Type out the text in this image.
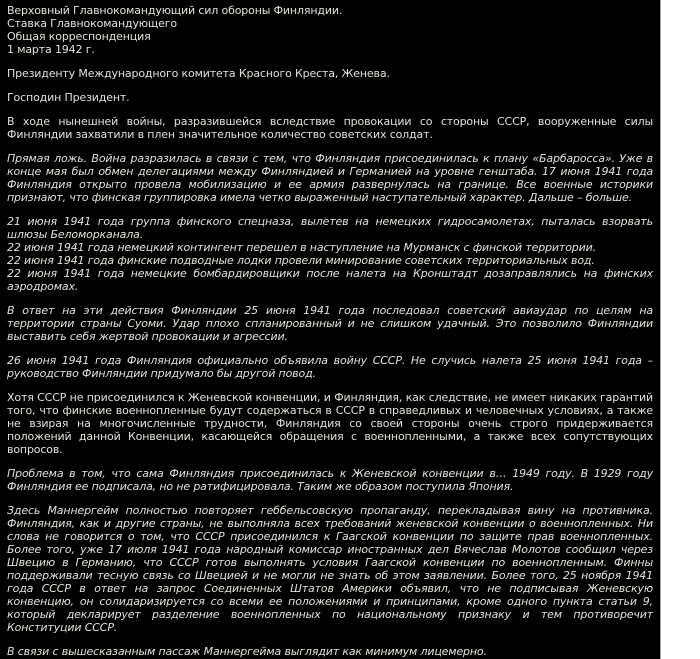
Верховный Главнокомандующий сил обороны Финляндии.

Ставка Главнокомандующего

Общая корреспонденция

1 марта 1942 г.

Президенту Международного комитета Красного Креста, Женева.

Господин Президент.

В ходе нынешней войны, разразившейся вследствие провокации со стороны СССР, вооруженные силы Финляндии захватили в плен значительное количество советских солдат.

Прямая ложь. Война разразилась в связи с тем, что Финляндия присоединилась к плану «Барбаросса». Уже в конце мая был обмен делегациями между Финляндией и Германией на уровне генштаба. 17 июня 1941 года Финляндия открыто провела мобилизацию и ее армия развернулась на границе. Все военные историки признают, что финская группировка имела четко выраженный наступательный характер. Дальше – больше.

21 июня 1941 года группа финского спецназа, вылетев на немецких гидросамолетах, пыталась взорвать шлюзы Беломорканала.

22 июня 1941 года немецкий контингент перешел в наступление на Мурманск с финской территории.

22 июня 1941 года финские подводные лодки провели минирование советских территориальных вод.

22 июня 1941 года немецкие бомбардировщики после налета на Кронштадт дозаправлялись на финских аэродромах.

В ответ на эти действия Финляндии 25 июня 1941 года последовал советский авиаудар по целям на территории страны Суоми. Удар плохо спланированный и не слишком удачный. Это позволило Финляндии выставить себя жертвой провокации и агрессии.

26 июня 1941 года Финляндия официально объявила войну СССР. Не случись налета 25 июня 1941 года – руководство Финляндии придумало бы другой повод.

Хотя СССР не присоединился к Женевской конвенции, и Финляндия, как следствие, не имеет никаких гарантий того, что финские военнопленные будут содержаться в СССР в справедливых и человечных условиях, а также не взирая на многочисленные трудности, Финляндия со своей стороны очень строго придерживается положений данной Конвенции, касающейся обращения с военнопленными, а также всех сопутствующих вопросов.

Проблема в том, что сама Финляндия присоединилась к Женевской конвенции в… 1949 году. В 1929 году Финляндия ее подписала, но не ратифицировала. Таким же образом поступила Япония.

Здесь Маннергейм полностью повторяет геббельсовскую пропаганду, перекладывая вину на противника. Финляндия, как и другие страны, не выполняла всех требований женевской конвенции о военнопленных. Ни слова не говорится о том, что СССР присоединился к Гаагской конвенции по защите прав военнопленных. Более того, уже 17 июля 1941 года народный комиссар иностранных дел Вячеслав Молотов сообщил через Швецию в Германию, что СССР готов выполнять условия Гаагской конвенции по военнопленным. Финны поддерживали тесную связь со Швецией и не могли не знать об этом заявлении. Более того, 25 ноября 1941 года СССР в ответ на запрос Соединенных Штатов Америки объявил, что не подписывая Женевскую конвенцию, он солидаризируется со всеми ее положениями и принципами, кроме одного пункта статьи 9, который декларирует разделение военнопленных по национальному признаку и тем противоречит Конституции СССР.

В связи с вышесказанным пассаж Маннергейма выглядит как минимум лицемерно.
